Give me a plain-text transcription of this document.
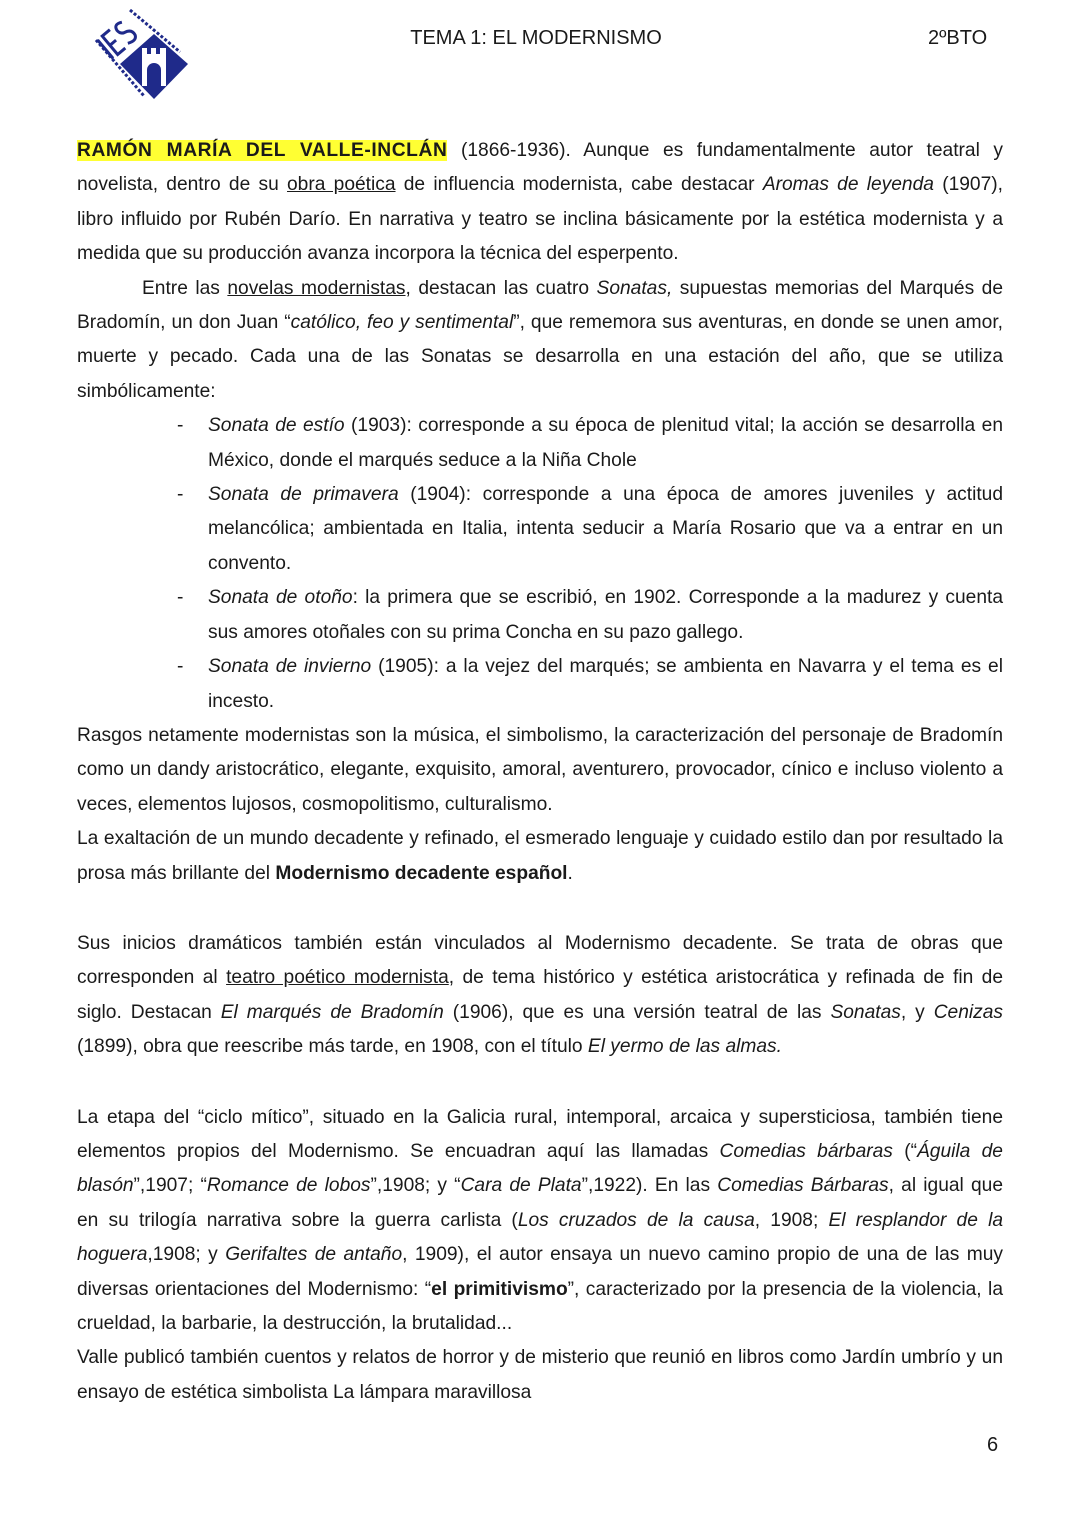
TEMA 1: EL MODERNISMO	2ºBTO
RAMÓN MARÍA DEL VALLE-INCLÁN (1866-1936). Aunque es fundamentalmente autor teatral y novelista, dentro de su obra poética de influencia modernista, cabe destacar Aromas de leyenda (1907), libro influido por Rubén Darío. En narrativa y teatro se inclina básicamente por la estética modernista y a medida que su producción avanza incorpora la técnica del esperpento.
Entre las novelas modernistas, destacan las cuatro Sonatas, supuestas memorias del Marqués de Bradomín, un don Juan “católico, feo y sentimental”, que rememora sus aventuras, en donde se unen amor, muerte y pecado. Cada una de las Sonatas se desarrolla en una estación del año, que se utiliza simbólicamente:
- Sonata de estío (1903): corresponde a su época de plenitud vital; la acción se desarrolla en México, donde el marqués seduce a la Niña Chole
- Sonata de primavera (1904): corresponde a una época de amores juveniles y actitud melancólica; ambientada en Italia, intenta seducir a María Rosario que va a entrar en un convento.
- Sonata de otoño: la primera que se escribió, en 1902. Corresponde a la madurez y cuenta sus amores otoñales con su prima Concha en su pazo gallego.
- Sonata de invierno (1905): a la vejez del marqués; se ambienta en Navarra y el tema es el incesto.
Rasgos netamente modernistas son la música, el simbolismo, la caracterización del personaje de Bradomín como un dandy aristocrático, elegante, exquisito, amoral, aventurero, provocador, cínico e incluso violento a veces, elementos lujosos, cosmopolitismo, culturalismo.
La exaltación de un mundo decadente y refinado, el esmerado lenguaje y cuidado estilo dan por resultado la prosa más brillante del Modernismo decadente español.
Sus inicios dramáticos también están vinculados al Modernismo decadente. Se trata de obras que corresponden al teatro poético modernista, de tema histórico y estética aristocrática y refinada de fin de siglo. Destacan El marqués de Bradomín (1906), que es una versión teatral de las Sonatas, y Cenizas (1899), obra que reescribe más tarde, en 1908, con el título El yermo de las almas.
La etapa del “ciclo mítico”, situado en la Galicia rural, intemporal, arcaica y supersticiosa, también tiene elementos propios del Modernismo. Se encuadran aquí las llamadas Comedias bárbaras (“Águila de blasón”,1907; “Romance de lobos”,1908; y “Cara de Plata”,1922). En las Comedias Bárbaras, al igual que en su trilogía narrativa sobre la guerra carlista (Los cruzados de la causa, 1908; El resplandor de la hoguera,1908; y Gerifaltes de antaño, 1909), el autor ensaya un nuevo camino propio de una de las muy diversas orientaciones del Modernismo: “el primitivismo”, caracterizado por la presencia de la violencia, la crueldad, la barbarie, la destrucción, la brutalidad...
Valle publicó también cuentos y relatos de horror y de misterio que reunió en libros como Jardín umbrío y un ensayo de estética simbolista La lámpara maravillosa
6
